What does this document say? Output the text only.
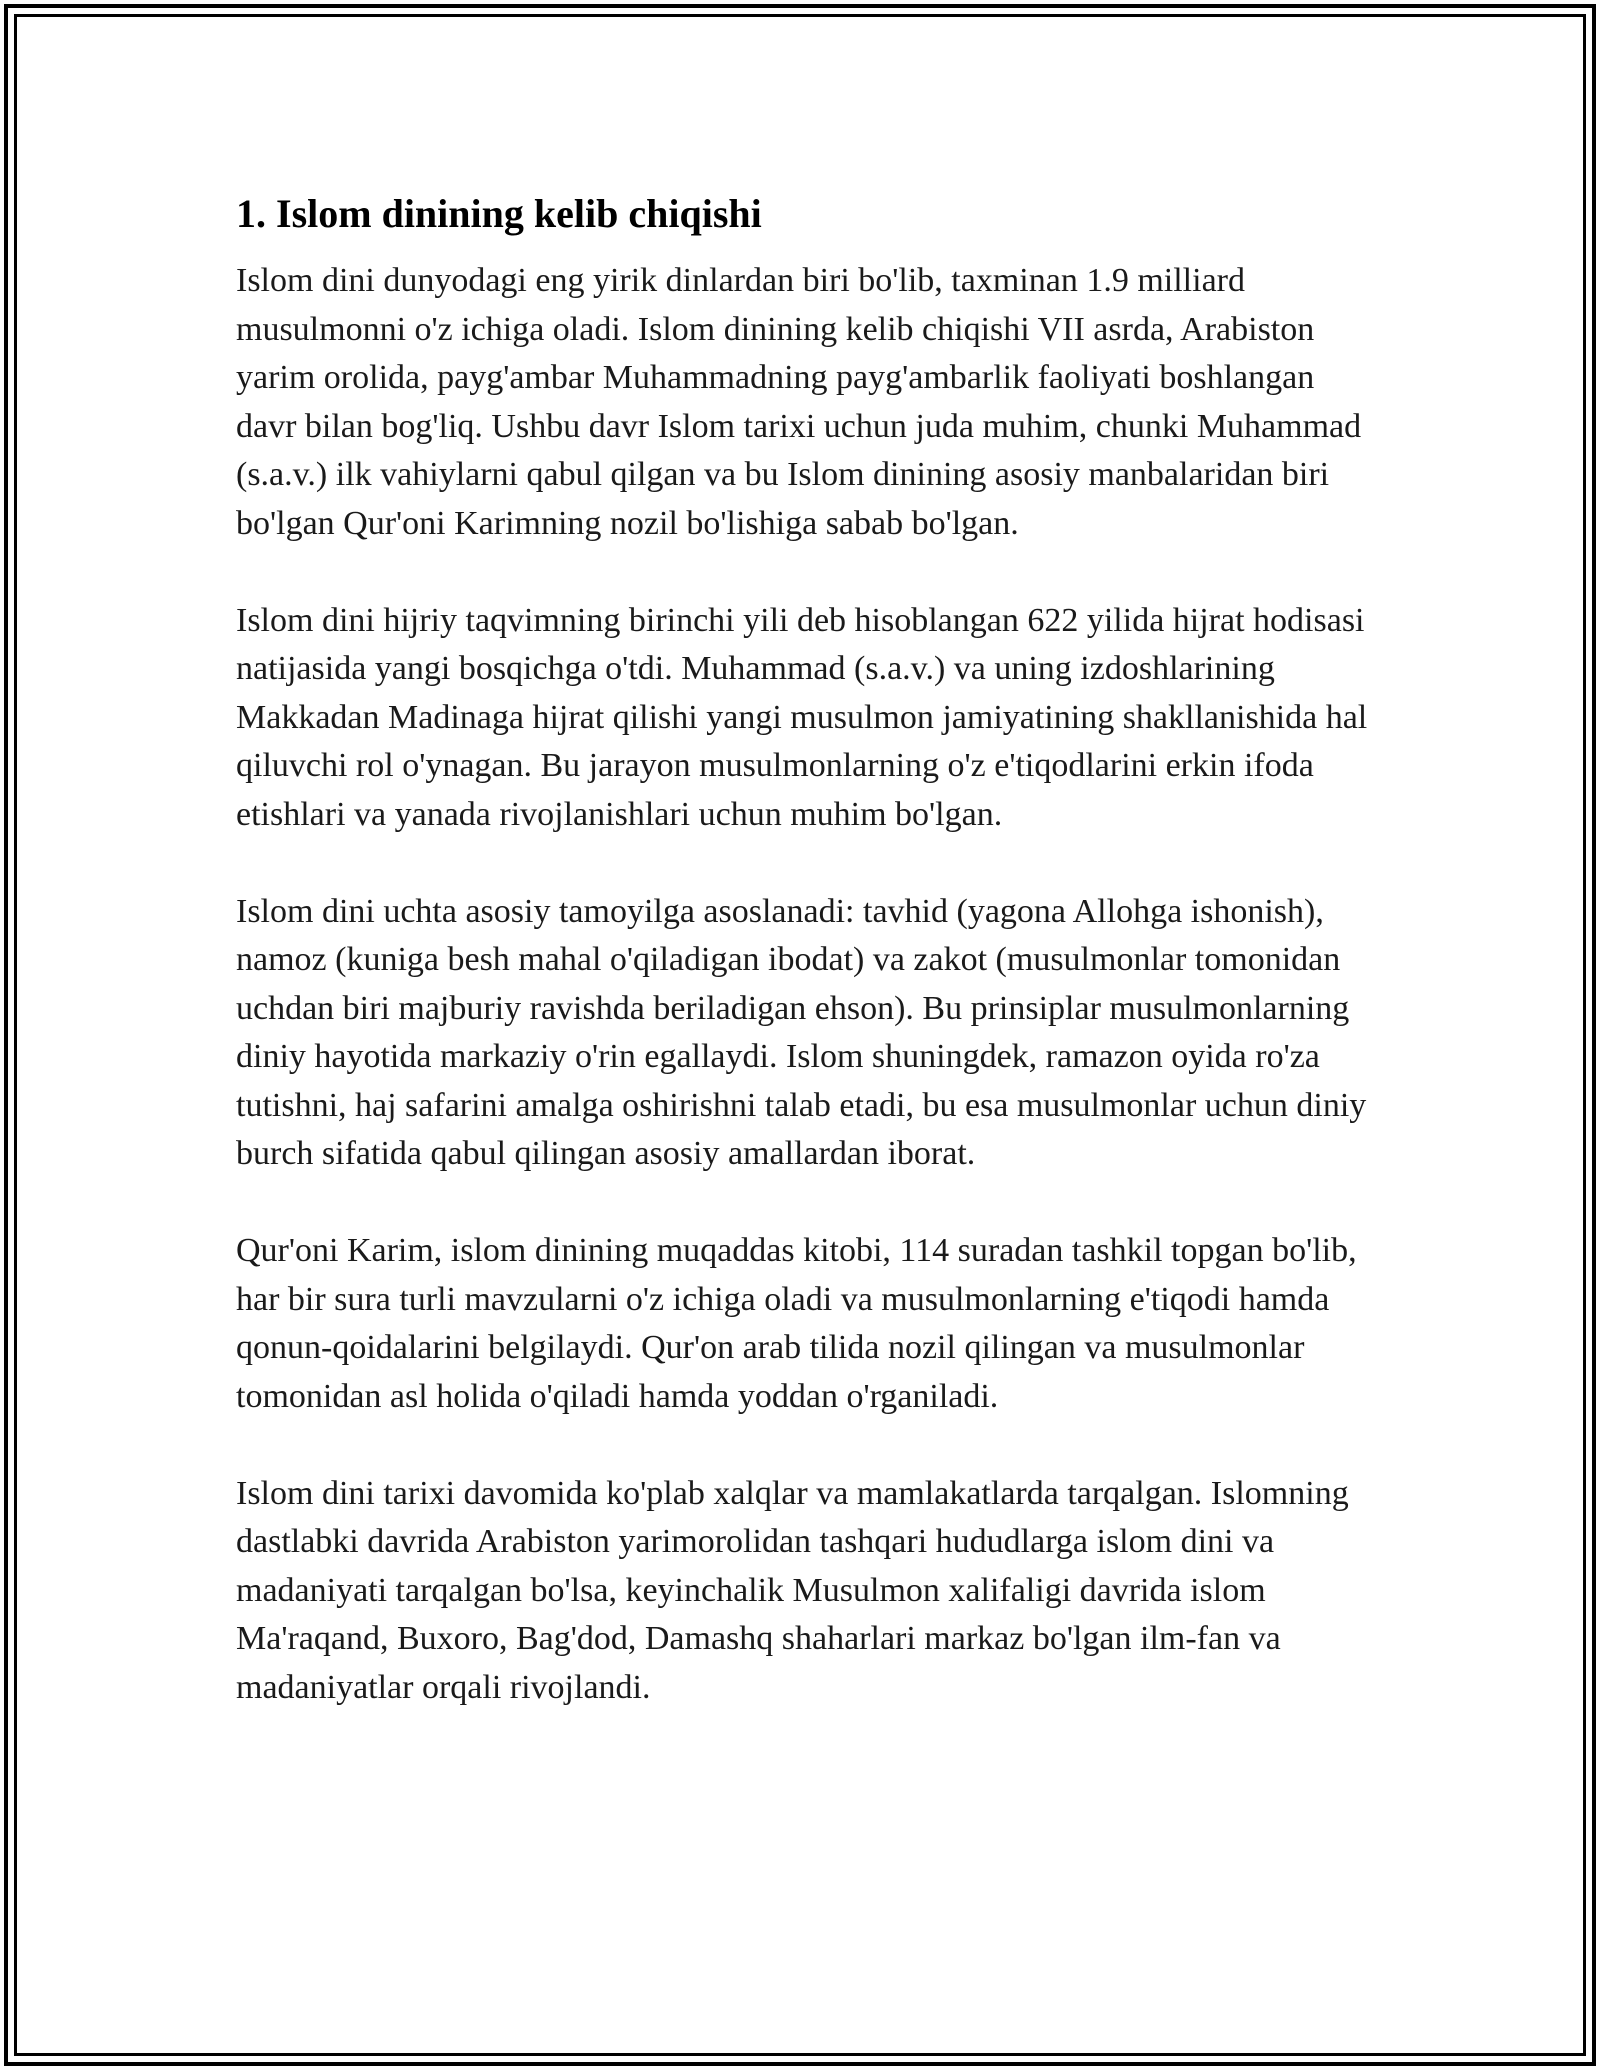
1. Islom dinining kelib chiqishi

Islom dini dunyodagi eng yirik dinlardan biri bo'lib, taxminan 1.9 milliard musulmonni o'z ichiga oladi. Islom dinining kelib chiqishi VII asrda, Arabiston yarim orolida, payg'ambar Muhammadning payg'ambarlik faoliyati boshlangan davr bilan bog'liq. Ushbu davr Islom tarixi uchun juda muhim, chunki Muhammad (s.a.v.) ilk vahiylarni qabul qilgan va bu Islom dinining asosiy manbalaridan biri bo'lgan Qur'oni Karimning nozil bo'lishiga sabab bo'lgan.

Islom dini hijriy taqvimning birinchi yili deb hisoblangan 622 yilida hijrat hodisasi natijasida yangi bosqichga o'tdi. Muhammad (s.a.v.) va uning izdoshlarining Makkadan Madinaga hijrat qilishi yangi musulmon jamiyatining shakllanishida hal qiluvchi rol o'ynagan. Bu jarayon musulmonlarning o'z e'tiqodlarini erkin ifoda etishlari va yanada rivojlanishlari uchun muhim bo'lgan.

Islom dini uchta asosiy tamoyilga asoslanadi: tavhid (yagona Allohga ishonish), namoz (kuniga besh mahal o'qiladigan ibodat) va zakot (musulmonlar tomonidan uchdan biri majburiy ravishda beriladigan ehson). Bu prinsiplar musulmonlarning diniy hayotida markaziy o'rin egallaydi. Islom shuningdek, ramazon oyida ro'za tutishni, haj safarini amalga oshirishni talab etadi, bu esa musulmonlar uchun diniy burch sifatida qabul qilingan asosiy amallardan iborat.

Qur'oni Karim, islom dinining muqaddas kitobi, 114 suradan tashkil topgan bo'lib, har bir sura turli mavzularni o'z ichiga oladi va musulmonlarning e'tiqodi hamda qonun-qoidalarini belgilaydi. Qur'on arab tilida nozil qilingan va musulmonlar tomonidan asl holida o'qiladi hamda yoddan o'rganiladi.

Islom dini tarixi davomida ko'plab xalqlar va mamlakatlarda tarqalgan. Islomning dastlabki davrida Arabiston yarimorolidan tashqari hududlarga islom dini va madaniyati tarqalgan bo'lsa, keyinchalik Musulmon xalifaligi davrida islom Ma'raqand, Buxoro, Bag'dod, Damashq shaharlari markaz bo'lgan ilm-fan va madaniyatlar orqali rivojlandi.
